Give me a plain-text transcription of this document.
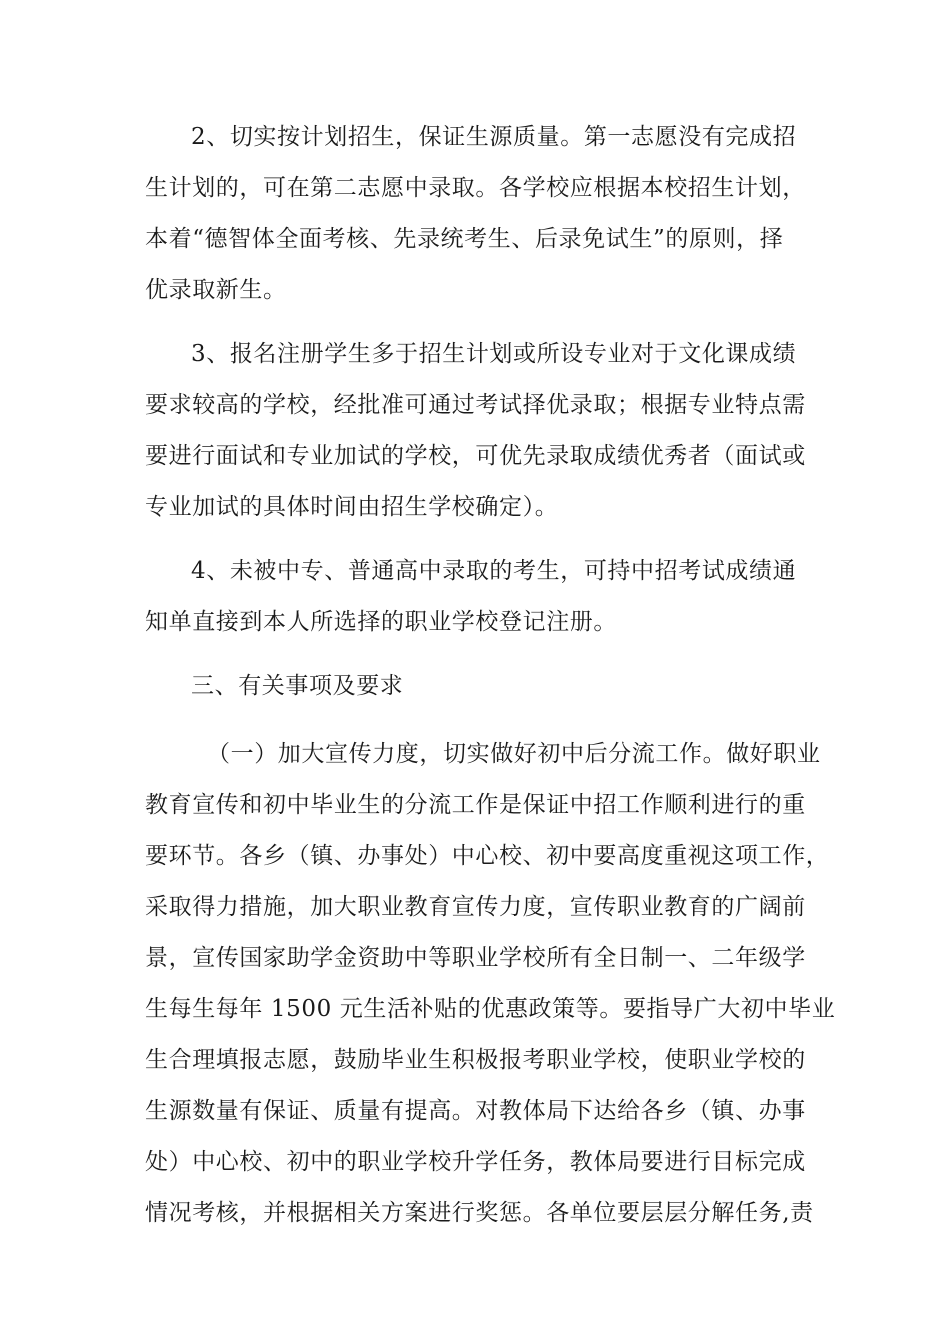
2、切实按计划招生，保证生源质量。第一志愿没有完成招
生计划的，可在第二志愿中录取。各学校应根据本校招生计划，
本着“德智体全面考核、先录统考生、后录免试生”的原则，择
优录取新生。
3、报名注册学生多于招生计划或所设专业对于文化课成绩
要求较高的学校，经批准可通过考试择优录取；根据专业特点需
要进行面试和专业加试的学校，可优先录取成绩优秀者（面试或
专业加试的具体时间由招生学校确定）。
4、未被中专、普通高中录取的考生，可持中招考试成绩通
知单直接到本人所选择的职业学校登记注册。
三、有关事项及要求
（一）加大宣传力度，切实做好初中后分流工作。做好职业
教育宣传和初中毕业生的分流工作是保证中招工作顺利进行的重
要环节。各乡（镇、办事处）中心校、初中要高度重视这项工作，
采取得力措施，加大职业教育宣传力度，宣传职业教育的广阔前
景，宣传国家助学金资助中等职业学校所有全日制一、二年级学
生每生每年 1500 元生活补贴的优惠政策等。要指导广大初中毕业
生合理填报志愿，鼓励毕业生积极报考职业学校，使职业学校的
生源数量有保证、质量有提高。对教体局下达给各乡（镇、办事
处）中心校、初中的职业学校升学任务，教体局要进行目标完成
情况考核，并根据相关方案进行奖惩。各单位要层层分解任务,责
